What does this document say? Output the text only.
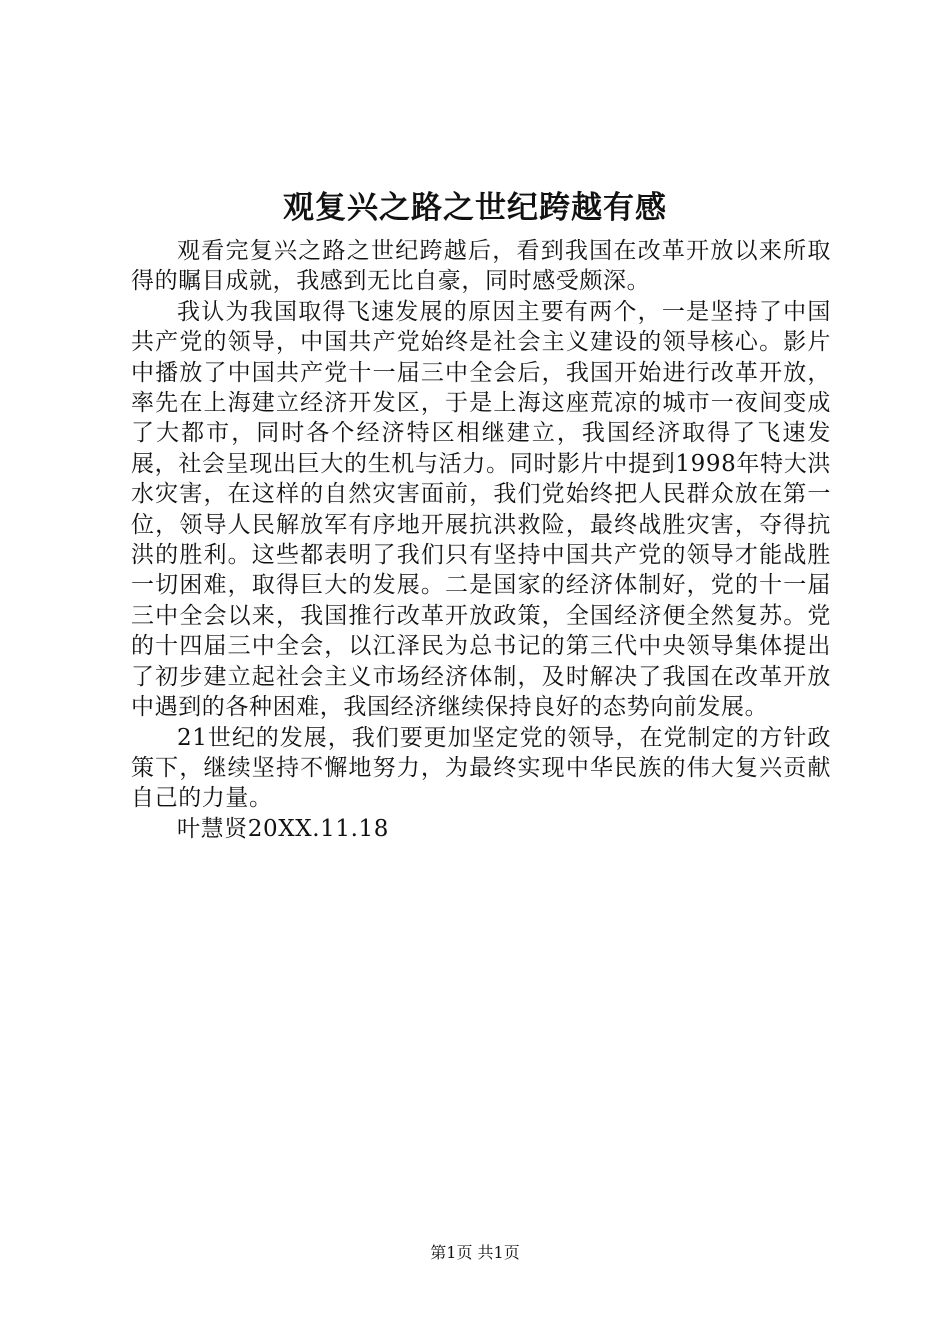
观复兴之路之世纪跨越有感

观看完复兴之路之世纪跨越后，看到我国在改革开放以来所取得的瞩目成就，我感到无比自豪，同时感受颇深。

我认为我国取得飞速发展的原因主要有两个，一是坚持了中国共产党的领导，中国共产党始终是社会主义建设的领导核心。影片中播放了中国共产党十一届三中全会后，我国开始进行改革开放，率先在上海建立经济开发区，于是上海这座荒凉的城市一夜间变成了大都市，同时各个经济特区相继建立，我国经济取得了飞速发展，社会呈现出巨大的生机与活力。同时影片中提到1998年特大洪水灾害，在这样的自然灾害面前，我们党始终把人民群众放在第一位，领导人民解放军有序地开展抗洪救险，最终战胜灾害，夺得抗洪的胜利。这些都表明了我们只有坚持中国共产党的领导才能战胜一切困难，取得巨大的发展。二是国家的经济体制好，党的十一届三中全会以来，我国推行改革开放政策，全国经济便全然复苏。党的十四届三中全会，以江泽民为总书记的第三代中央领导集体提出了初步建立起社会主义市场经济体制，及时解决了我国在改革开放中遇到的各种困难，我国经济继续保持良好的态势向前发展。

21世纪的发展，我们要更加坚定党的领导，在党制定的方针政策下，继续坚持不懈地努力，为最终实现中华民族的伟大复兴贡献自己的力量。

叶慧贤20XX.11.18

第1页 共1页
